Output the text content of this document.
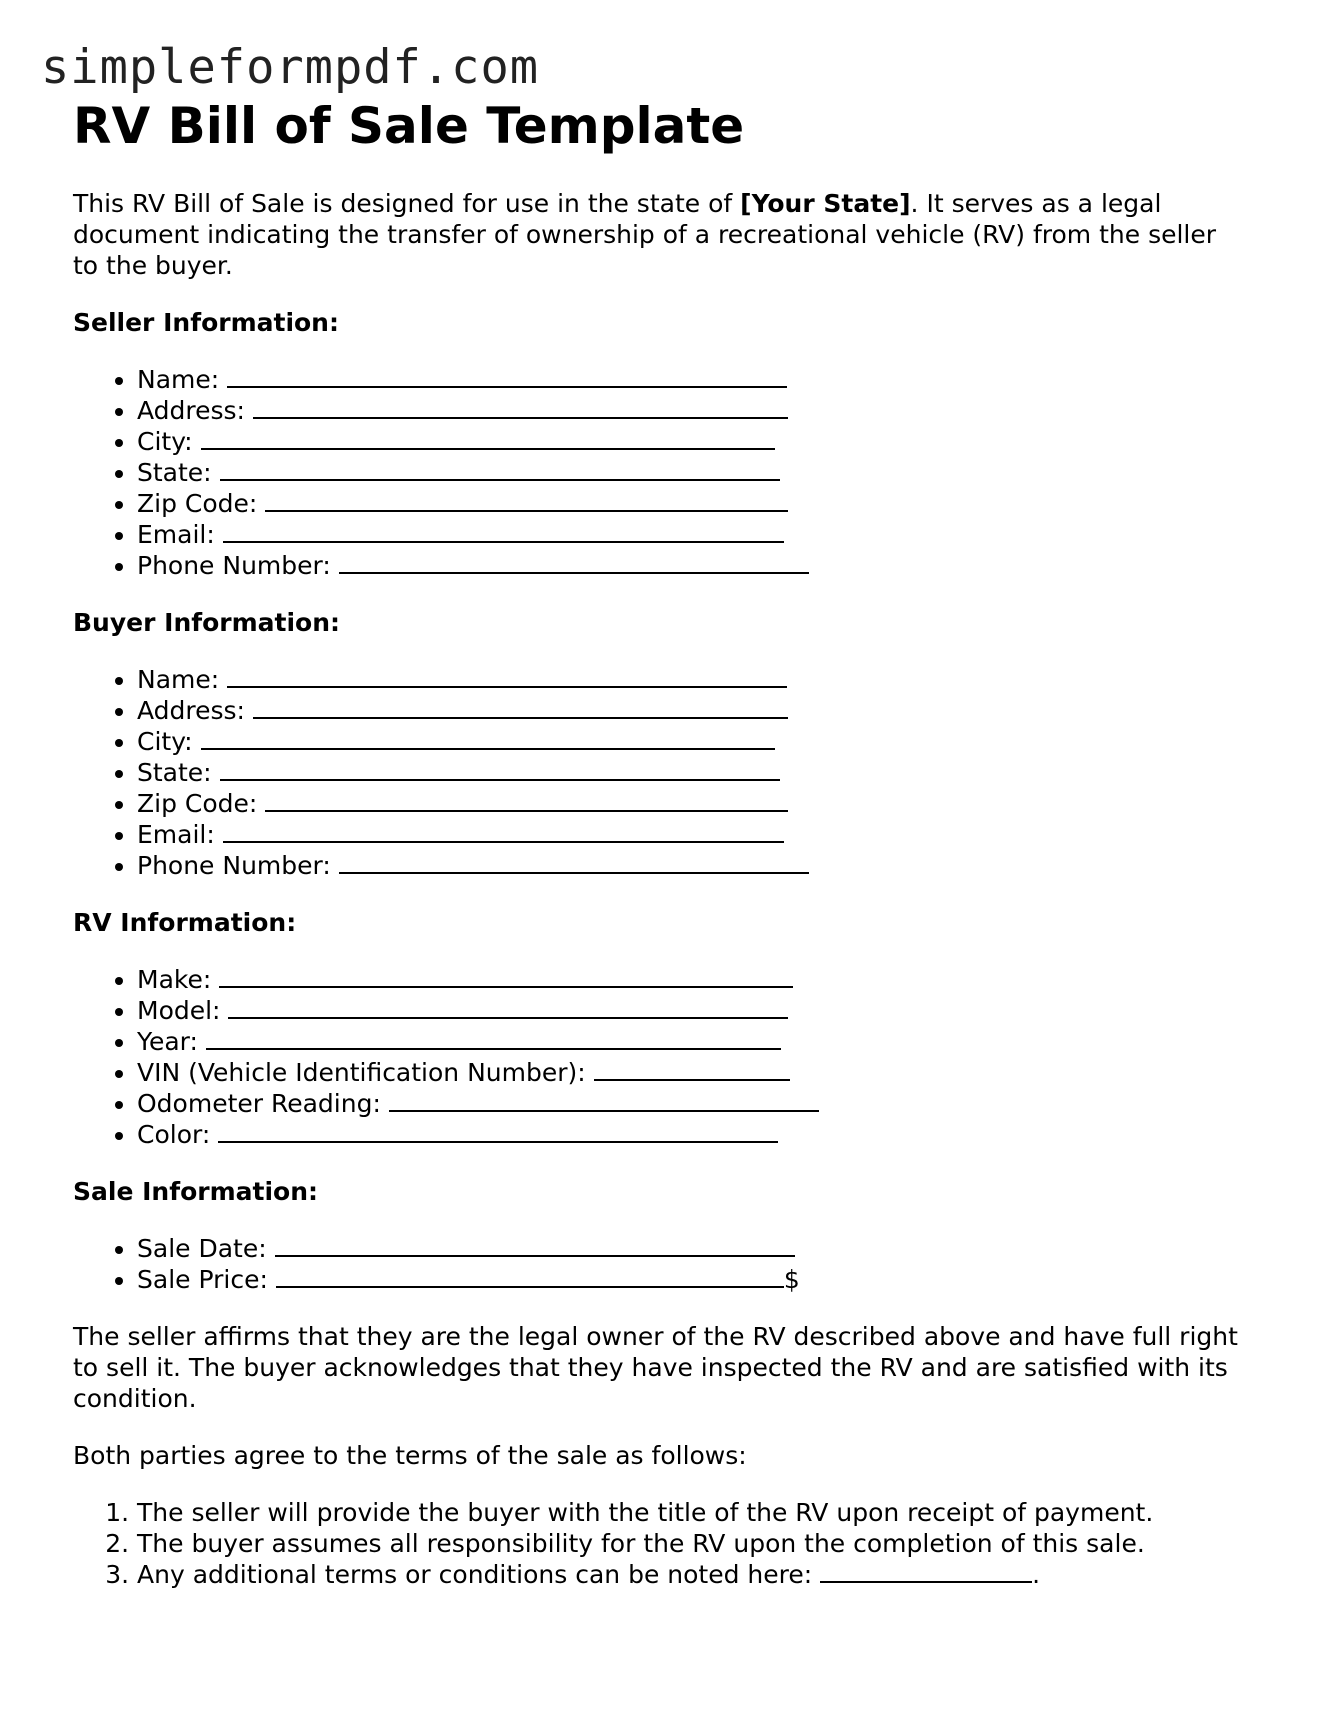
simpleformpdf.com
RV Bill of Sale Template

This RV Bill of Sale is designed for use in the state of [Your State]. It serves as a legal document indicating the transfer of ownership of a recreational vehicle (RV) from the seller to the buyer.

Seller Information:
• Name:
• Address:
• City:
• State:
• Zip Code:
• Email:
• Phone Number:
Buyer Information:
• Name:
• Address:
• City:
• State:
• Zip Code:
• Email:
• Phone Number:
RV Information:
• Make:
• Model:
• Year:
• VIN (Vehicle Identification Number):
• Odometer Reading:
• Color:
Sale Information:
• Sale Date:
• Sale Price:	$

The seller affirms that they are the legal owner of the RV described above and have full right to sell it. The buyer acknowledges that they have inspected the RV and are satisfied with its condition.

Both parties agree to the terms of the sale as follows:

1. The seller will provide the buyer with the title of the RV upon receipt of payment.
2. The buyer assumes all responsibility for the RV upon the completion of this sale.
3. Any additional terms or conditions can be noted here:	.
